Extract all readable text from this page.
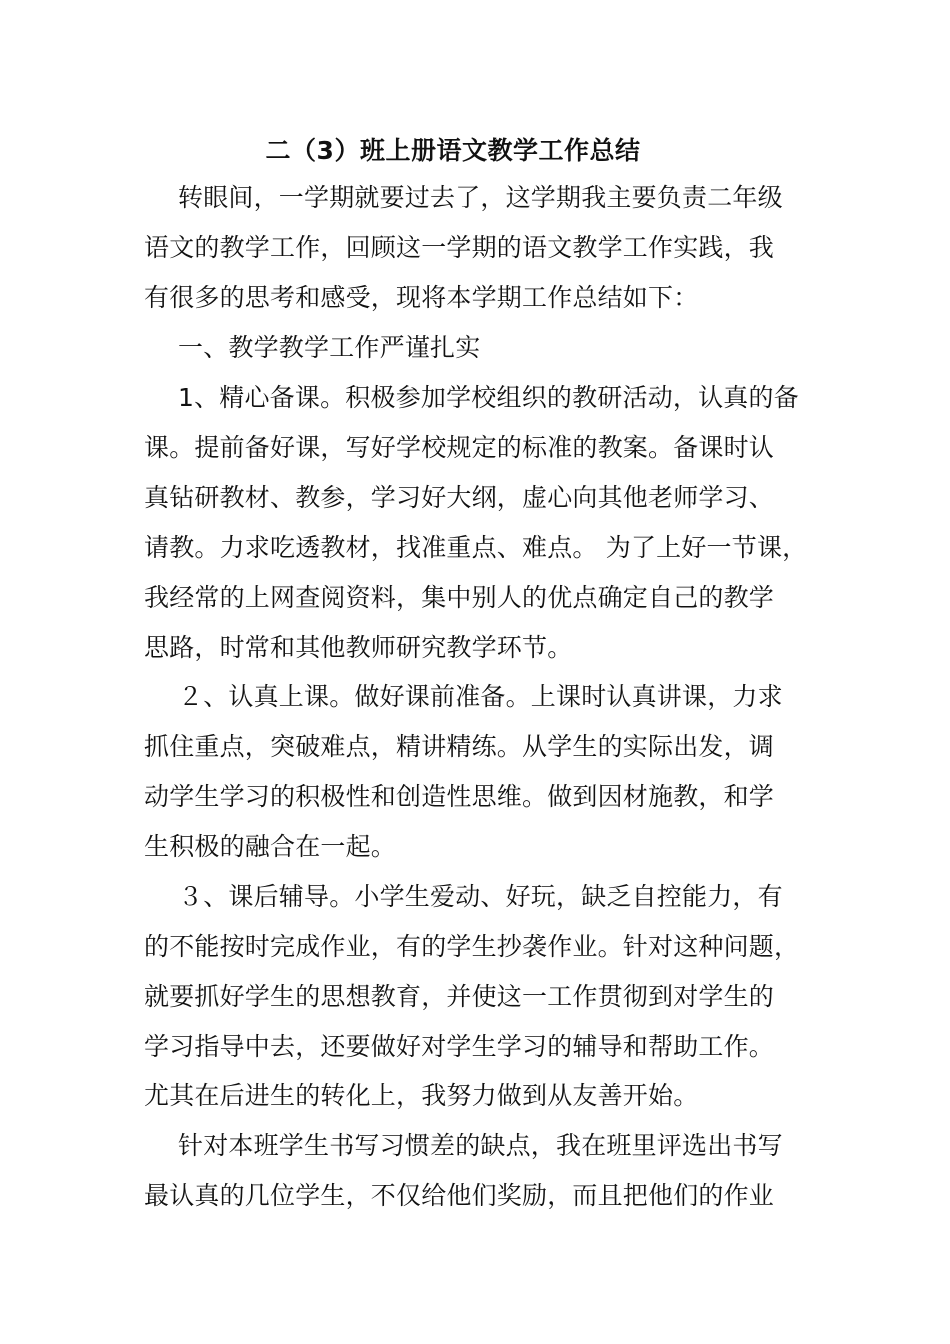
二（3）班上册语文教学工作总结
转眼间，一学期就要过去了，这学期我主要负责二年级
语文的教学工作，回顾这一学期的语文教学工作实践，我
有很多的思考和感受，现将本学期工作总结如下：
一、教学教学工作严谨扎实
1、精心备课。积极参加学校组织的教研活动，认真的备
课。提前备好课，写好学校规定的标准的教案。备课时认
真钻研教材、教参，学习好大纲，虚心向其他老师学习、
请教。力求吃透教材，找准重点、难点。 为了上好一节课，
我经常的上网查阅资料，集中别人的优点确定自己的教学
思路，时常和其他教师研究教学环节。
２、认真上课。做好课前准备。上课时认真讲课，力求
抓住重点，突破难点，精讲精练。从学生的实际出发，调
动学生学习的积极性和创造性思维。做到因材施教，和学
生积极的融合在一起。
３、课后辅导。小学生爱动、好玩，缺乏自控能力，有
的不能按时完成作业，有的学生抄袭作业。针对这种问题，
就要抓好学生的思想教育，并使这一工作贯彻到对学生的
学习指导中去，还要做好对学生学习的辅导和帮助工作。
尤其在后进生的转化上，我努力做到从友善开始。
针对本班学生书写习惯差的缺点，我在班里评选出书写
最认真的几位学生，不仅给他们奖励，而且把他们的作业
